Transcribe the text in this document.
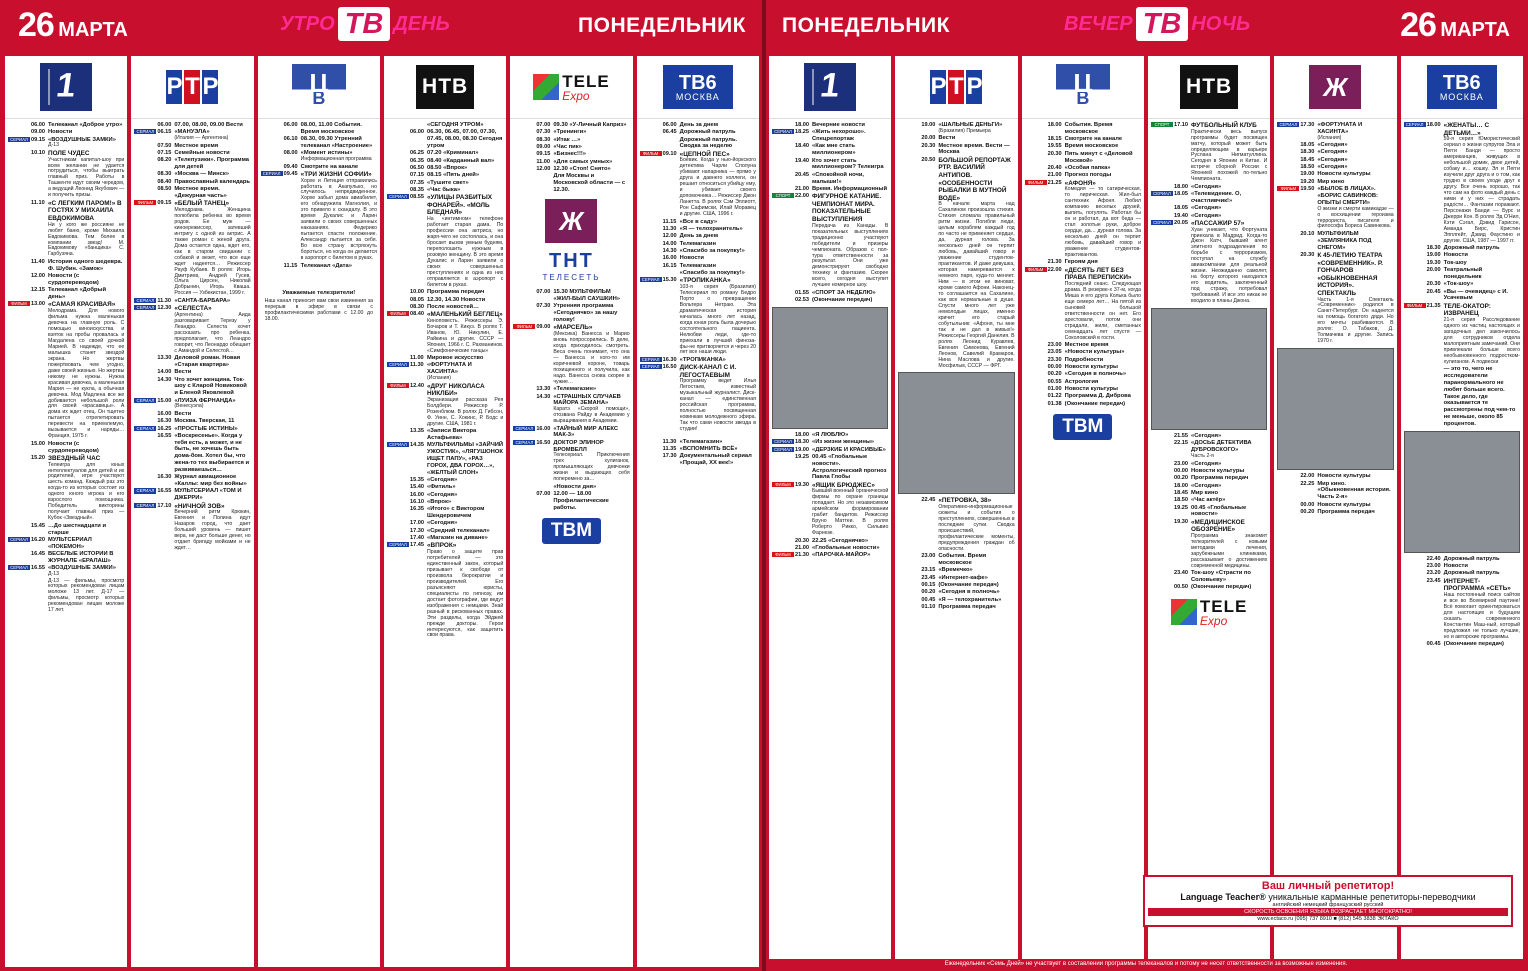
26 МАРТА	УТРО ТВ ДЕНЬ	ПОНЕДЕЛЬНИК
1
06.00 Телеканал «Доброе утро»
09.00 Новости
СЕРИАЛ 09.15 «ВОЗДУШНЫЕ ЗАМКИ»
Д-13
10.10 ПОЛЕ ЧУДЕС
Участникам капитал-шоу при всем желании не удается потрудиться, чтобы выиграть главный приз. Работы в Ташкенте идут своим чередом, а ведущий Леонид Якубович — и получить призы.
11.10 «С ЛЕГКИМ ПАРОМ!» В ГОСТЯХ У МИХАИЛА ЕВДОКИМОВА
Ни у кого же россияне не любят баню, кроме Михаила Евдокимова. Тем более в компании звезд! М. Евдокимову «банщика» С. Гарбузяна.
11.40 История одного шедевра. Ф. Шубин. «Замок»
12.00 Новости (с сурдопереводом)
12.15 Телеканал «Добрый день»
ФИЛЬМ 13.00 «САМАЯ КРАСИВАЯ»
Мелодрама. Для нового фильма нужна маленькая девочка на главную роль. С помощью киноискусства и взяток на пробы провалась и Магдалена со своей дочкой Марией. В надежде, что ее малышка станет звездой экрана. Но жертвы пожертвовать чем угодно, даже своей жизнью. Но жертвы никому не нужны. Нужна красивая девочка, а маленькая Мария — не кукла, а обычная девочка. Мод Мадлена все же добивается небольшой роли для своей «красавицы». А дома их ждет отец. Он тщетно пытается отрепетировать перевести на приемлемую, вызывается и наряды… Франция, 1975 г.
15.00 Новости (с сурдопереводом)
15.20 ЗВЕЗДНЫЙ ЧАС
Телеигра для юных интеллектуалов для детей и их родителей, игре участвуют шесть команд. Каждый раз это когда-то из которых состоит из одного юного игрока и его взрослого помощника. Победитель викторины получает главный приз — Кубок «Звездный».
15.45 …До шестнадцати и старше
СЕРИАЛ 16.20 МУЛЬТСЕРИАЛ «ПОКЕМОН»
16.45 ВЕСЕЛЫЕ ИСТОРИИ В ЖУРНАЛЕ «ЕРАЛАШ»
СЕРИАЛ 16.55 «ВОЗДУШНЫЕ ЗАМКИ»
Д-13
Д-13 — фильмы, просмотр которых рекомендован лицам моложе 13 лет. Д-17 — фильмы, просмотр которых рекомендован лицам моложе 17 лет.
Р Т Р
06.00 07.00, 08.00, 09.00 Вести
СЕРИАЛ 06.15 «МАНУЭЛА»
(Италия — Аргентина)
07.50 Местное время
07.15 Семейные новости
08.20 «Телепузики». Программа для детей
08.30 «Москва — Минск»
08.40 Православный календарь
08.50 Местное время. «Дежурная часть»
ФИЛЬМ 09.15 «БЕЛЫЙ ТАНЕЦ»
Мелодрама. Женщина полюбила ребенка во время родов. Ее муж — киноережиссер, затевший интригу с одной из актрис. А также роман с женой друга. Дома остается одна, ждет его, как в старом свидании с собакой и везет, что все еще ждет надеется… Режиссер Рауф Кубаев. В ролях: Игорь Дмитриев, Андрей Гусев, Ольга Цирсен, Николай Добрынин, Игорь Кваша. Россия — Узбекистан, 1999 г.
СЕРИАЛ 11.30 «САНТА-БАРБАРА»
СЕРИАЛ 12.30 «СЕЛЕСТА»
(Аргентина) Аида разговаривает Терезу у Леандро. Селеста хочет рассказать про ребенка, предполагает, что Леандро говорит, что Леонардо обещает с Амандой и Селестой…
13.30 Деловой роман. Новая «Старая квартира»
14.00 Вести
14.30 Что хочет женщина. Ток-шоу с Кларой Новиковой и Еленой Яковлевой
СЕРИАЛ 15.00 «ЛУИЗА ФЕРНАНДА»
(Венесуэла)
16.00 Вести
16.30 Москва. Тверская, 11
СЕРИАЛ 16.25 «ПРОСТЫЕ ИСТИНЫ»
16.55 «Воскресенье». Когда у тебя есть, а может, и не быть, не хочешь быть дома-бом. Хотел бы, что жена-то тех выбирается и развиваешься…
16.30 Журнал авиационное «Каллы: мир без войны»
СЕРИАЛ 16.55 МУЛЬТСЕРИАЛ «ТОМ И ДЖЕРРИ»
СЕРИАЛ 17.10 «НИЧНОЙ ЗОВ»
Вечерний ритм Крюкин, Евгения и Полина идут Назаров город, что дает больший уровень — пишет вера, не даст больше денег, но отдает бригаду мойками и не ждет…
В Ц
06.00 08.00, 11.00 События. Время московское
06.10 08.30, 09.30 Утренний телеканал «Настроение»
08.00 «Момент истины»
Информационная программа
09.40 Смотрите на канале
СЕРИАЛ 09.45 «ТРИ ЖИЗНИ СОФИИ»
Хорхе и Летиция отправились работать в Акапулько, но случилось непредвиденное. Хорхе забыл дома авиабилет, его обнаружила Магнолия, и это привело к скандалу. В это время Дукалис и Ларин заявили о своих совершенных наказаниях. Федерико пытается спасти положение. Александр пытается за себя. Во всю страну встряхнуть бороться, но когда он делается в аэропорт с билетом в руках.
11.15 Телеканал «Дата»
Уважаемые телезрители!
Наш канал приносит вам свои извинения за перерыв в эфире в связи с профилактическими работами с 12.00 до 18.00.
НТВ
«СЕГОДНЯ УТРОМ»
06.00 06.30, 06.45, 07.00, 07.30, 07.45, 08.00, 08.30 Сегодня утром
06.25 07.20 «Криминал»
06.35 08.40 «Карданный вал»
06.50 08.50 «Впрок»
07.15 08.15 «Пять дней»
07.35 «Тушите свет»
08.35 «Час быка»
СЕРИАЛ 08.55 «УЛИЦЫ РАЗБИТЫХ ФОНАРЕЙ». «МОЛЬ БЛЕДНАЯ»
На «интимном» телефоне работает старая дама. По профессии она актриса, но жаря-чего не состоялась, и она бросает вызов умным будням, переполошить нужным в розовую женщину. В это время Дукалис и Ларин заявили о своих совершенных преступлениях и одна из них отправляется в аэропорт с билетом в руках.
10.00 Программа передач
08.05 12.30, 14.30 Новости
08.30 После новостей…
ФИЛЬМ 08.40 «МАЛЕНЬКИЙ БЕГЛЕЦ»
Киноповесть. Режиссеры Э. Бочаров и Т. Кикуэ. В ролях Т. Иванов, Ю. Никулин, Е. Райкина и другие. СССР — Япония, 1966 г. С. Рахманинов. «Симфонические танцы»
11.00 Мировое искусство
СЕРИАЛ 11.30 «ФОРТУНАТА И ХАСИНТА»
(Испания)
ФИЛЬМ 12.40 «ДРУГ НИКОЛАСА НИКЛБИ»
Экранизация рассказа Рея Болдбери. Режиссер Р. Розенблюм. В ролях Д. Гибсон, Ф. Уинн, С. Хокинс, Р. Бодс и другие. США, 1981 г.
13.35 «Записи Виктора Астафьева»
СЕРИАЛ 14.35 МУЛЬТФИЛЬМЫ «ЗАЙЧИЙ УЖОСТИК», «ЛЯГУШОНОК ИЩЕТ ПАПУ», «РАЗ ГОРОХ, ДВА ГОРОХ…», «ЖЕЛТЫЙ СЛОН»
15.35 «Сегодня»
15.40 «Фитиль»
16.00 «Сегодня»
16.10 «Впрок»
16.35 «Итого» с Виктором Шендеровичем
17.00 «Сегодня»
17.30 «Средний телеканал»
17.40 «Магазин на диване»
СЕРИАЛ 17.45 «ВПРОК»
Право о защите прав потребителей — это единственный закон, который призывает к свободе от произвола бюрократии и производителей. Его разъясняют юристы, специалисты по гипнозу, им достает фотографии, где ведут изображения с немцами. Знай разный в рискованных правах. Эти разделы, когда Эйджей прежде докторы. Герои интересуются, как защитить свои права.
TELE
Expo
07.00 09.30 «У-Личный Каприз»
07.30 «Тренинги»
08.30 «Итак …»
09.00 «Час пик»
09.15 «Бизнес!!!»
11.00 «Для самых умных»
12.00 12.30 «Стоп! Снято»
Для Москвы и Московской области — с 12.30.
Ж
ТНТ
ТЕЛЕСЕТЬ
07.00 15.30 МУЛЬТФИЛЬМ «ЖИЛ-БЫЛ САУШКИН»
07.30 Утренняя программа «Сегоднячко» за нашу голову!
ФИЛЬМ 09.00 «МАРСЕЛЬ»
(Мексика) Ванесса и Марио вновь попросорились. В деле, когда приходилось смотреть. Веса очень понимает, что она — Ванесса и кого-то им коричневой короне, товарь похищенного и получила, как надо. Ванесса снова скорее в чужие…
13.30 «Телемагазин»
14.30 «СТРАШНЫХ СЛУЧАЕВ МАЙОРА ЗЕМАНА»
Каратэ «Скорой помощи», отозвана Райду в Академию у выращивания в Академии.
СЕРИАЛ 16.00 «ТАЙНЫЙ МИР АЛЕКС МАК-3»
СЕРИАЛ 16.50 ДОКТОР ЭЛИНОР БРОМВЕЛЛ
Телесериал. Приключения трех хулиганок, промышляющих девчонки жизни и выдающих себя поперемено за…
«Новости дня»
07.00 12.00 — 18.00 Профилактические работы.
ТВМ
ТВ6
МОСКВА
06.00 День за днем
06.45 Дорожный патруль
Дорожный патруль. Сводка за неделю
ФИЛЬМ 09.10 «ЦЕПНОЙ ПЕС»
Боевик. Когда у нью-йоркского детектива Чарли Сполуна убивают напарника — прямо у друга и давнего коллеги, он решает относиться убийцу ему, и убивает своего допомочника… Режиссер Джон Ланетта. В ролях Сэм Эллиотт, Рон Сафимски, Илай Моравец и другие. США, 1996 г.
11.15 «Все в саду»
11.30 «Я — телохранитель»
12.00 День за днем
14.00 Телемагазин
14.30 «Спасибо за покупку!»
16.00 Новости
16.15 Телемагазин
«Спасибо за покупку!»
СЕРИАЛ 15.30 «ТРОПИКАНКА»
103-я серия (Бразилия) Телесериал по роману Бедро Порто о превращении Вольтера Нетраю. Эта драматическая история началась много лет назад, когда юная роль была дочерью состоятельного пациента. Нелюбви леди, где-то приехали в лучший финоза-фы-не притворяется и через 20 лет все наши люди.
СЕРИАЛ 16.30 «ТРОПИКАНКА»
СЕРИАЛ 16.50 ДИСК-КАНАЛ С И. ЛЕГОСТАЕВЫМ
Программу ведет Илья Легостаев, известный музыкальный журналист. Диск-канал — единственная российская программа, полностью посвященная новинкам молодежного эфира. Так что сами новости звезда в студии!
11.30 «Телемагазин»
11.35 «ВСПОМНИТЬ ВСЁ»
17.30 Документальный сериал «Прощай, XX век!»
ПОНЕДЕЛЬНИК	ВЕЧЕР ТВ НОЧЬ	26 МАРТА
1
18.00 Вечерние новости
СЕРИАЛ 18.25 «Жить нехорошо». Спецрепортаж
18.40 «Как мне стать миллионером»
19.40 Кто хочет стать миллионером? Телеигра
20.45 «Спокойной ночи, малыши!»
21.00 Время. Информационный
СПОРТ 22.00 ФИГУРНОЕ КАТАНИЕ. ЧЕМПИОНАТ МИРА. ПОКАЗАТЕЛЬНЫЕ ВЫСТУПЛЕНИЯ
Передача из Канады. В показательных выступлениях традиционно участвуют победители и призеры чемпионата. Образов с пол-тура ответственности за результат. Они уже демонстрируют свободно технику и фантазию. Скорее всего, сегодня выступит лучшее номерное шоу.
01.55 «СПОРТ ЗА НЕДЕЛЮ»
02.53 (Окончание передач)
18.00 «Я ЛЮБЛЮ»
СЕРИАЛ 18.30 «Из жизни женщины»
СЕРИАЛ 19.00 «ДЕРЗКИЕ И КРАСИВЫЕ»
19.25 00.45 «Глобальные новости». Астрологический прогноз Павла Глобы
ФИЛЬМ 19.30 «ЯЩИК БРЮДЖЕС»
Бывший военный органической фирмы по охране границы попадает. Но это независимом армейском формировании грабит бандитов. Режиссер Бруно Маттеи. В ролях Роберто Рикко, Сильвио Фарнезе.
20.30 22.25 «Сегоднячко»
21.00 «Глобальные новости»
ФИЛЬМ 21.30 «ПАРОЧКА-МАЙОР»
Р Т Р
19.00 «ШАЛЬНЫЕ ДЕНЬГИ»
(Бразилия) Премьера
20.00 Вести
20.30 Местное время. Вести — Москва
20.50 БОЛЬШОЙ РЕПОРТАЖ РТР. ВАСИЛИЙ АНТИПОВ. «ОСОБЕННОСТИ РЫБАЛКИ В МУТНОЙ ВОДЕ»
В начале марта над Сахалином произошла стихия. Стихия сломала правильный ритм жизни. Погибли люди, целым кораблям каждый год по часто не применяет сердце, да, дурная голова. За несколько дней он терпит любовь, давайший говор и уважение студентов-практикантов. И даже девушка, которая намеревается к немного паря, куда-то меняет. Ним — в этом не виноват, кроме самого Афони. Наконец-то соглашается на Сахалине, как все нормальные в душе. Спусти много лет уже немолодые лицах, именно кричит его старый собутыльник: «Афоня, ты мне так и не дал в живых!» Режиссеры Георгий Данелия. В ролях Леонид Куравлев, Евгения Симонова, Евгений Леонов, Савелий Крамаров, Нина Маслова и другие. Мосфильм, СССР — ФРГ.
22.45 «ПЕТРОВКА, 38»
Оперативно-информационные сюжеты и события о преступлениях, совершенных в последние сутки. Сводка происшествий, профилактические моменты, предупреждения граждан об опасности.
23.00 События. Время московское
23.15 «Времечко»
23.45 «Интернет-кафе»
00.15 (Окончание передач)
00.20 «Сегодня в полночь»
00.45 «Я — телохранитель»
01.10 Программа передач
В Ц
18.00 События. Время московское
18.15 Смотрите на канале
19.55 Время московское
20.30 Пять минут с «Деловой Москвой»
20.40 «Особая папка»
21.00 Прогноз погоды
ФИЛЬМ 21.25 «АФОНЯ»
Комедия — то сатирическая, то лирическая. Жил-был сантехник Афоня. Любил компанию веселых друзей, выпить, погулять. Работал бы он и работал, да вот беда — стал золотые руки, доброе сердце, да… дурная голова. За несколько дней он терпит любовь, давайший говор и уважение студентов-практикантов.
21.30 Героям дня
ФИЛЬМ 22.00 «ДЕСЯТЬ ЛЕТ БЕЗ ПРАВА ПЕРЕПИСКИ»
Последний сеанс. Следующая драма. В резерве-х 37-м, когда Миша и его друга Колька было еще семеро лет… На пятой из сыновей большой ответственности он нет. Его арестовали, потом они страдали, жили, сметанных семнадцать лет спустя — Соколовский в гости.
23.00 Местное время
23.05 «Новости культуры»
23.30 Подробности
00.00 Новости культуры
00.20 «Сегодня в полночь»
00.55 Астрология
01.00 Новости культуры
01.22 Программа Д. Диброва
01.38 (Окончание передач)
ТВМ
НТВ
СПОРТ 17.10 ФУТБОЛЬНЫЙ КЛУБ
Практически весь выпуск программы будет посвящен матчу, который может быть определяющим в карьере Руслана Нигматуллина. Сегодня в Японии и Китае. И встрече сборной России с Японией похожей по-тельно Чемпионата.
18.00 «Сегодня»
СЕРИАЛ 18.05 «Телевидение. О, счастливчик!»
18.05 «Сегодня»
19.40 «Сегодня»
СЕРИАЛ 20.05 «ПАССАЖИР 57»
Хуан уникает, что Фортуната приехала в Мадрид. Когда-то Джон Катч, бывший агент элитного подразделения по борьбе с терроризмом, поступал на службу авиакомпании для реальной жизни. Неожиданно самолет, на борту которого находился его водитель, заключенный под стражу, потребовал требований. И все это никак не входило в планы Джона.
21.55 «Сегодня»
22.15 «ДОСЬЕ ДЕТЕКТИВА ДУБРОВСКОГО»
Часть 2-я
23.00 «Сегодня»
00.00 Новости культуры
00.20 Программа передач
18.00 «Сегодня»
18.45 Мир кино
18.50 «Час актёр»
19.25 00.45 «Глобальные новости»
19.30 «МЕДИЦИНСКОЕ ОБОЗРЕНИЕ»
Программа знакомит телезрителей с новыми методами лечения, зарубежными клиниками, рассказывает о достижениях современной медицины.
23.40 Ток-шоу «Страсти по Соловьеву»
00.50 (Окончание передач)
TELE
Expo
Ж
СЕРИАЛ 17.30 «ФОРТУНАТА И ХАСИНТА»
(Испания)
18.05 «Сегодня»
18.30 «Сегодня»
18.45 «Сегодня»
18.50 «Сегодня»
19.00 Новости культуры
19.20 Мир кино
ФИЛЬМ 19.50 «БЫЛОЕ В ЛИЦАХ». «БОРИС САВИНКОВ: ОПЫТЫ СМЕРТИ»
О жизни и смерти камикадзе — о восхищении героизма террориста, писателя и философа Бориса Савинкова.
20.10 МУЛЬТФИЛЬМ «ЗЕМЛЯНИКА ПОД СНЕГОМ»
20.30 К 45-ЛЕТИЮ ТЕАТРА «СОВРЕМЕННИК». Р. ГОНЧАРОВ «ОБЫКНОВЕННАЯ ИСТОРИЯ». СПЕКТАКЛЬ
Часть 1-я Спектакль «Современник» родился в Санкт-Петербург. Он надеется на помощь богатого дяди. Но его мечты разбиваются. В ролях: О. Табаков, Д. Толмачева и другие. Запись 1970 г.
22.00 Новости культуры
22.25 Мир кино. «Обыкновенная история. Часть 2-я»
00.00 Новости культуры
00.20 Программа передач
ТВ6
МОСКВА
СЕРИАЛ 18.00 «ЖЕНАТЫ… С ДЕТЬМИ…»
59-я серия Юмористический сериал о жизни супругов Эла и Пегги Банди — просто американцев, живущих в небольшой домик, двое детей, собаку и… кошку. Эл и Пегги изучили друг друга и о том, как трудно в своем уходе друг к другу. Все очень хорошо, так что сам на фото каждый день с ними и у них — страдать радости… Фантазии поражают. Персонажи Банди — Бурс и Джерри Кон. В ролях Эд О'Нил, Кэти Сэгал, Дэвид Гарисон, Аманда Бирс, Кристин Эпплгейт, Дэвид Фаустино и другие. США, 1987 — 1997 гг.
18.30 Дорожный патруль
19.00 Новости
19.30 Ток-шоу
20.00 Театральный понедельник
20.30 «Ток-шоу»
20.45 «Вы — очевидец» с И. Усачевым
ФИЛЬМ 21.35 ТЕЛЕ-ОКАТОР: ИЗВРАНЕЦ
21-я серия Расследование одного из частиц настоящих и загадочных дел закончилось для сотрудников отдела малоприятным замечаний. Они привлекали больше всего необыкновенного подростком-хулиганом. А подвески
— это то, чего не исследователи паранормального не любят больше всего. Такое дело, где оказывается те рассмотрены под чем-то не меньше, около 85 процентов.
22.40 Дорожный патруль
23.00 Новости
23.20 Дорожный патруль
23.45 ИНТЕРНЕТ-ПРОГРАММА «СЕТЬ»
Наш постоянный поиск сайтов и все во Всемирной паутине! Всё помогает ориентироваться для настоящих и будущем сказать современного Константин Маш-ный, который предложил не только лучшие, но и авторские программы.
00.45 (Окончание передач)
Ваш личный репетитор!
Language Teacher® уникальные карманные репетиторы-переводчики
английский немецкий французский русский
СКОРОСТЬ ОСВОЕНИЯ ЯЗЫКА ВОЗРАСТАЕТ МНОГОКРАТНО!
www.ectaco.ru (095) 737 8910 ■ (812) 545 3838 ЭКТАКО
Еженедельник «Семь Дней» не участвует в составлении программы телеканалов и потому не несет ответственности за возможные изменения.
